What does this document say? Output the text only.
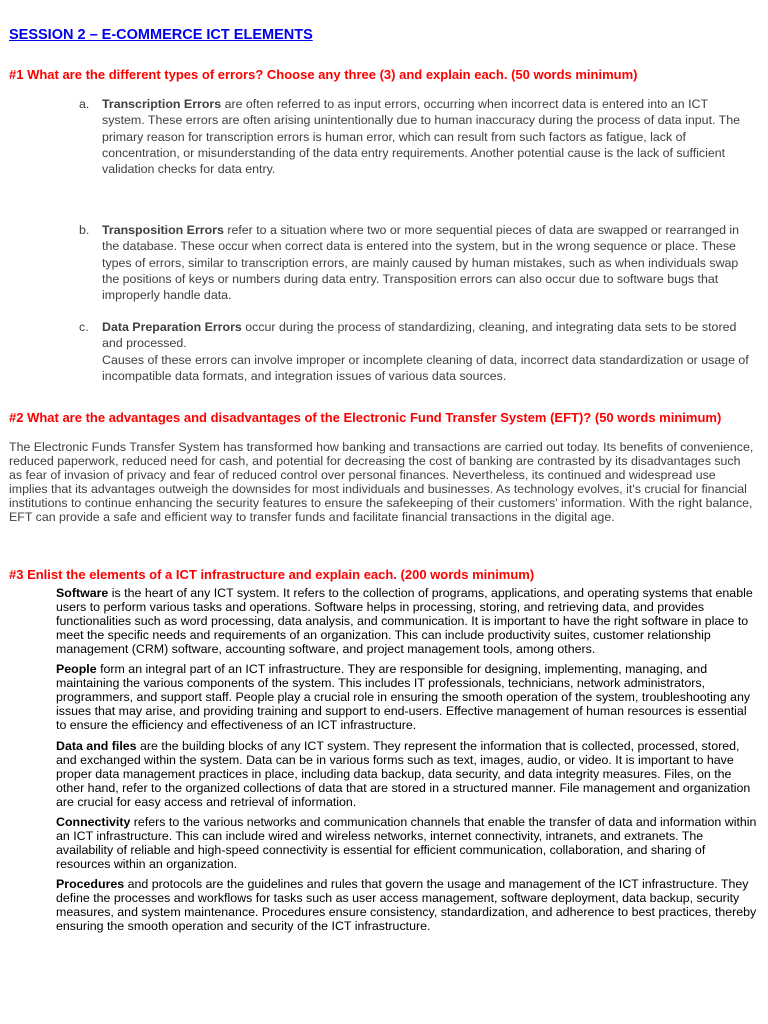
SESSION 2 – E-COMMERCE ICT ELEMENTS
#1 What are the different types of errors? Choose any three (3) and explain each. (50 words minimum)
a. Transcription Errors are often referred to as input errors, occurring when incorrect data is entered into an ICT system. These errors are often arising unintentionally due to human inaccuracy during the process of data input. The primary reason for transcription errors is human error, which can result from such factors as fatigue, lack of concentration, or misunderstanding of the data entry requirements. Another potential cause is the lack of sufficient validation checks for data entry.

b. Transposition Errors refer to a situation where two or more sequential pieces of data are swapped or rearranged in the database. These occur when correct data is entered into the system, but in the wrong sequence or place. These types of errors, similar to transcription errors, are mainly caused by human mistakes, such as when individuals swap the positions of keys or numbers during data entry. Transposition errors can also occur due to software bugs that improperly handle data.

c. Data Preparation Errors occur during the process of standardizing, cleaning, and integrating data sets to be stored and processed.
Causes of these errors can involve improper or incomplete cleaning of data, incorrect data standardization or usage of incompatible data formats, and integration issues of various data sources.

#2 What are the advantages and disadvantages of the Electronic Fund Transfer System (EFT)? (50 words minimum)

The Electronic Funds Transfer System has transformed how banking and transactions are carried out today. Its benefits of convenience, reduced paperwork, reduced need for cash, and potential for decreasing the cost of banking are contrasted by its disadvantages such as fear of invasion of privacy and fear of reduced control over personal finances. Nevertheless, its continued and widespread use implies that its advantages outweigh the downsides for most individuals and businesses. As technology evolves, it's crucial for financial institutions to continue enhancing the security features to ensure the safekeeping of their customers' information. With the right balance, EFT can provide a safe and efficient way to transfer funds and facilitate financial transactions in the digital age.

#3 Enlist the elements of a ICT infrastructure and explain each. (200 words minimum)

Software is the heart of any ICT system. It refers to the collection of programs, applications, and operating systems that enable users to perform various tasks and operations. Software helps in processing, storing, and retrieving data, and provides functionalities such as word processing, data analysis, and communication. It is important to have the right software in place to meet the specific needs and requirements of an organization. This can include productivity suites, customer relationship management (CRM) software, accounting software, and project management tools, among others.

People form an integral part of an ICT infrastructure. They are responsible for designing, implementing, managing, and maintaining the various components of the system. This includes IT professionals, technicians, network administrators, programmers, and support staff. People play a crucial role in ensuring the smooth operation of the system, troubleshooting any issues that may arise, and providing training and support to end-users. Effective management of human resources is essential to ensure the efficiency and effectiveness of an ICT infrastructure.

Data and files are the building blocks of any ICT system. They represent the information that is collected, processed, stored, and exchanged within the system. Data can be in various forms such as text, images, audio, or video. It is important to have proper data management practices in place, including data backup, data security, and data integrity measures. Files, on the other hand, refer to the organized collections of data that are stored in a structured manner. File management and organization are crucial for easy access and retrieval of information.

Connectivity refers to the various networks and communication channels that enable the transfer of data and information within an ICT infrastructure. This can include wired and wireless networks, internet connectivity, intranets, and extranets. The availability of reliable and high-speed connectivity is essential for efficient communication, collaboration, and sharing of resources within an organization.

Procedures and protocols are the guidelines and rules that govern the usage and management of the ICT infrastructure. They define the processes and workflows for tasks such as user access management, software deployment, data backup, security measures, and system maintenance. Procedures ensure consistency, standardization, and adherence to best practices, thereby ensuring the smooth operation and security of the ICT infrastructure.
